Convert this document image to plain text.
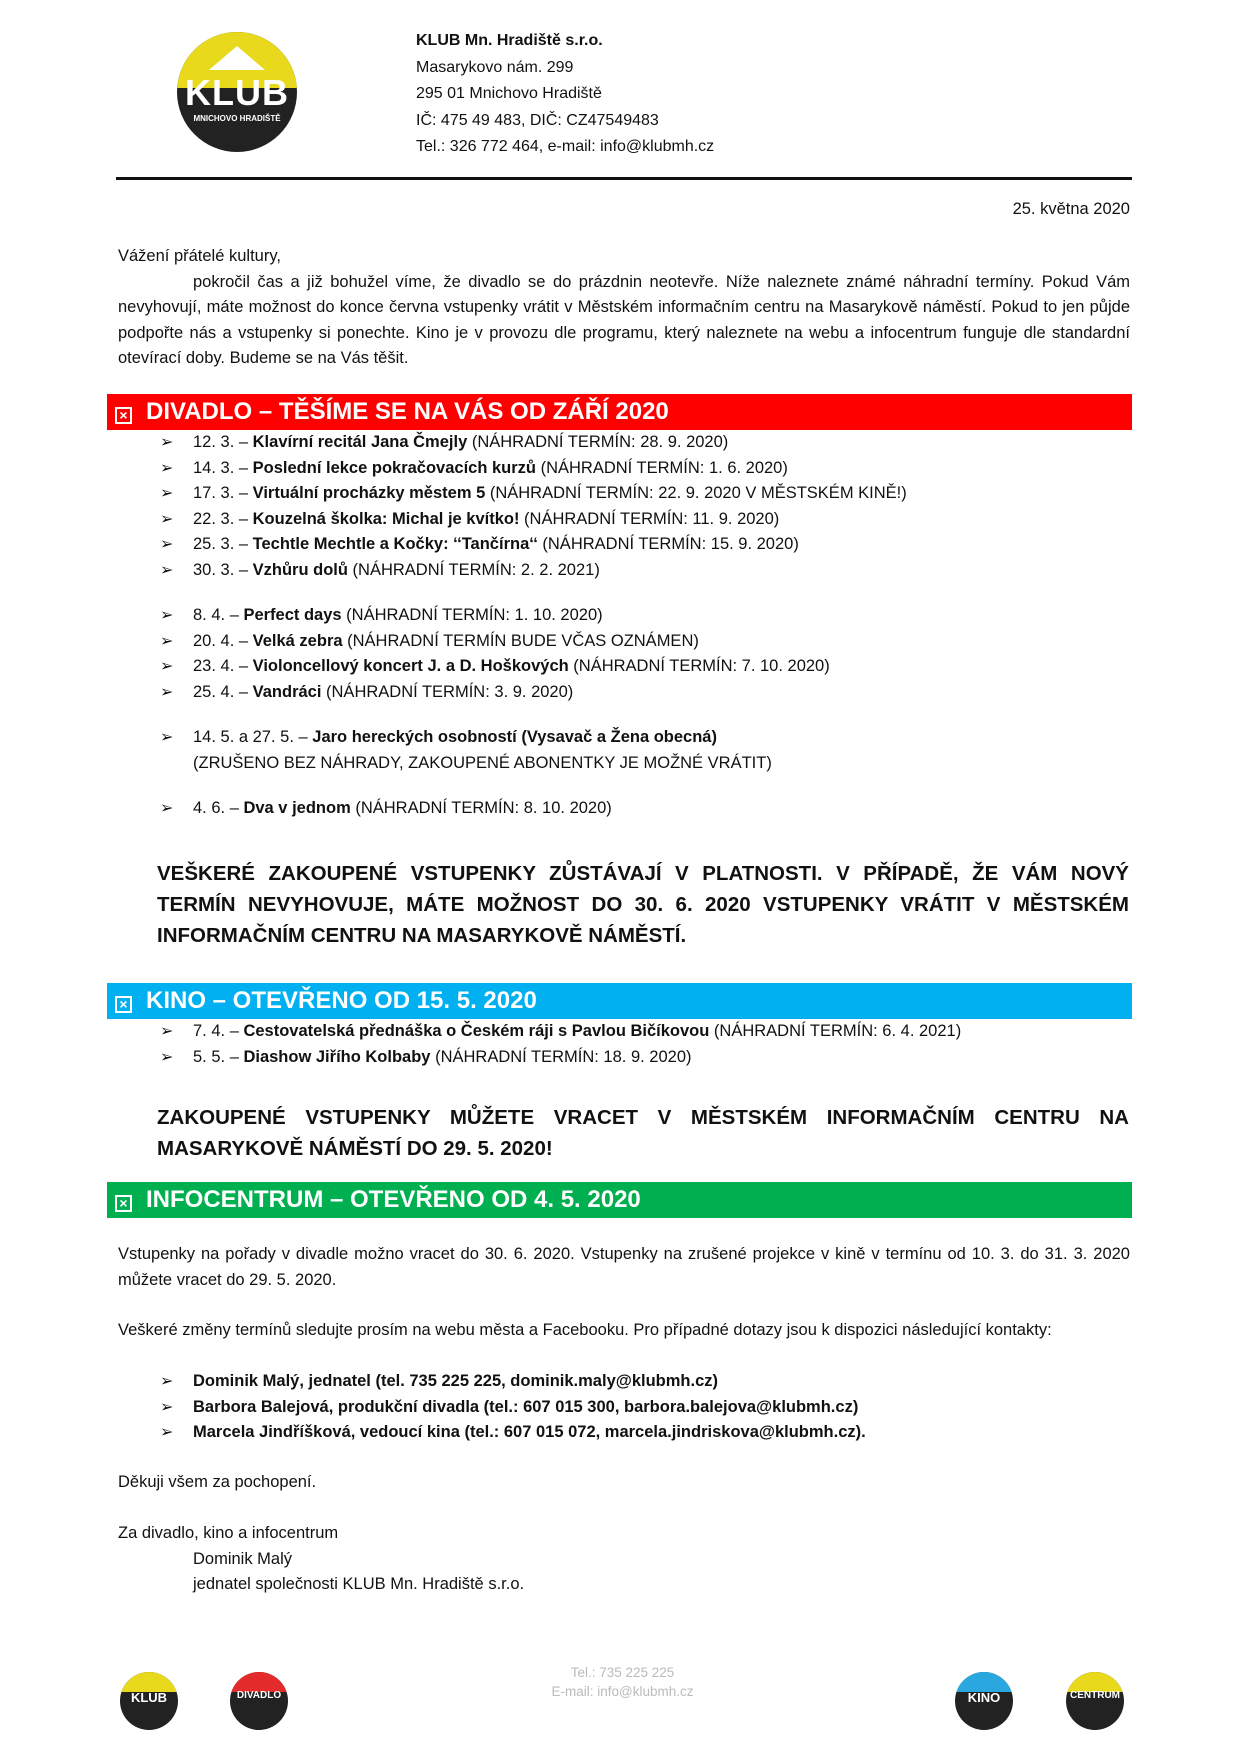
KLUB
MNICHOVO HRADIŠTĚ
KLUB Mn. Hradiště s.r.o.
Masarykovo nám. 299
295 01 Mnichovo Hradiště
IČ: 475 49 483, DIČ: CZ47549483
Tel.: 326 772 464, e-mail: info@klubmh.cz
25. května 2020
Vážení přátelé kultury,
pokročil čas a již bohužel víme, že divadlo se do prázdnin neotevře. Níže naleznete známé náhradní termíny. Pokud Vám nevyhovují, máte možnost do konce června vstupenky vrátit v Městském informačním centru na Masarykově náměstí. Pokud to jen půjde podpořte nás a vstupenky si ponechte. Kino je v provozu dle programu, který naleznete na webu a infocentrum funguje dle standardní otevírací doby. Budeme se na Vás těšit.
× DIVADLO – TĚŠÍME SE NA VÁS OD ZÁŘÍ 2020
➢ 12. 3. – Klavírní recitál Jana Čmejly (NÁHRADNÍ TERMÍN: 28. 9. 2020)
➢ 14. 3. – Poslední lekce pokračovacích kurzů (NÁHRADNÍ TERMÍN: 1. 6. 2020)
➢ 17. 3. – Virtuální procházky městem 5 (NÁHRADNÍ TERMÍN: 22. 9. 2020 V MĚSTSKÉM KINĚ!)
➢ 22. 3. – Kouzelná školka: Michal je kvítko! (NÁHRADNÍ TERMÍN: 11. 9. 2020)
➢ 25. 3. – Techtle Mechtle a Kočky: ‘‘Tančírna‘‘ (NÁHRADNÍ TERMÍN: 15. 9. 2020)
➢ 30. 3. – Vzhůru dolů (NÁHRADNÍ TERMÍN: 2. 2. 2021)
➢ 8. 4. – Perfect days (NÁHRADNÍ TERMÍN: 1. 10. 2020)
➢ 20. 4. – Velká zebra (NÁHRADNÍ TERMÍN BUDE VČAS OZNÁMEN)
➢ 23. 4. – Violoncellový koncert J. a D. Hoškových (NÁHRADNÍ TERMÍN: 7. 10. 2020)
➢ 25. 4. – Vandráci (NÁHRADNÍ TERMÍN: 3. 9. 2020)
➢ 14. 5. a 27. 5. – Jaro hereckých osobností (Vysavač a Žena obecná)
(ZRUŠENO BEZ NÁHRADY, ZAKOUPENÉ ABONENTKY JE MOŽNÉ VRÁTIT)
➢ 4. 6. – Dva v jednom (NÁHRADNÍ TERMÍN: 8. 10. 2020)
VEŠKERÉ ZAKOUPENÉ VSTUPENKY ZŮSTÁVAJÍ V PLATNOSTI. V PŘÍPADĚ, ŽE VÁM NOVÝ TERMÍN NEVYHOVUJE, MÁTE MOŽNOST DO 30. 6. 2020 VSTUPENKY VRÁTIT V MĚSTSKÉM INFORMAČNÍM CENTRU NA MASARYKOVĚ NÁMĚSTÍ.
× KINO – OTEVŘENO OD 15. 5. 2020
➢ 7. 4. – Cestovatelská přednáška o Českém ráji s Pavlou Bičíkovou (NÁHRADNÍ TERMÍN: 6. 4. 2021)
➢ 5. 5. – Diashow Jiřího Kolbaby (NÁHRADNÍ TERMÍN: 18. 9. 2020)
ZAKOUPENÉ VSTUPENKY MŮŽETE VRACET V MĚSTSKÉM INFORMAČNÍM CENTRU NA MASARYKOVĚ NÁMĚSTÍ DO 29. 5. 2020!
× INFOCENTRUM – OTEVŘENO OD 4. 5. 2020
Vstupenky na pořady v divadle možno vracet do 30. 6. 2020. Vstupenky na zrušené projekce v kině v termínu od 10. 3. do 31. 3. 2020 můžete vracet do 29. 5. 2020.
Veškeré změny termínů sledujte prosím na webu města a Facebooku. Pro případné dotazy jsou k dispozici následující kontakty:
➢ Dominik Malý, jednatel (tel. 735 225 225, dominik.maly@klubmh.cz)
➢ Barbora Balejová, produkční divadla (tel.: 607 015 300, barbora.balejova@klubmh.cz)
➢ Marcela Jindříšková, vedoucí kina (tel.: 607 015 072, marcela.jindriskova@klubmh.cz).
Děkuji všem za pochopení.
Za divadlo, kino a infocentrum
Dominik Malý
jednatel společnosti KLUB Mn. Hradiště s.r.o.
Tel.: 735 225 225
E-mail: info@klubmh.cz
KLUB	DIVADLO	KINO	CENTRUM
